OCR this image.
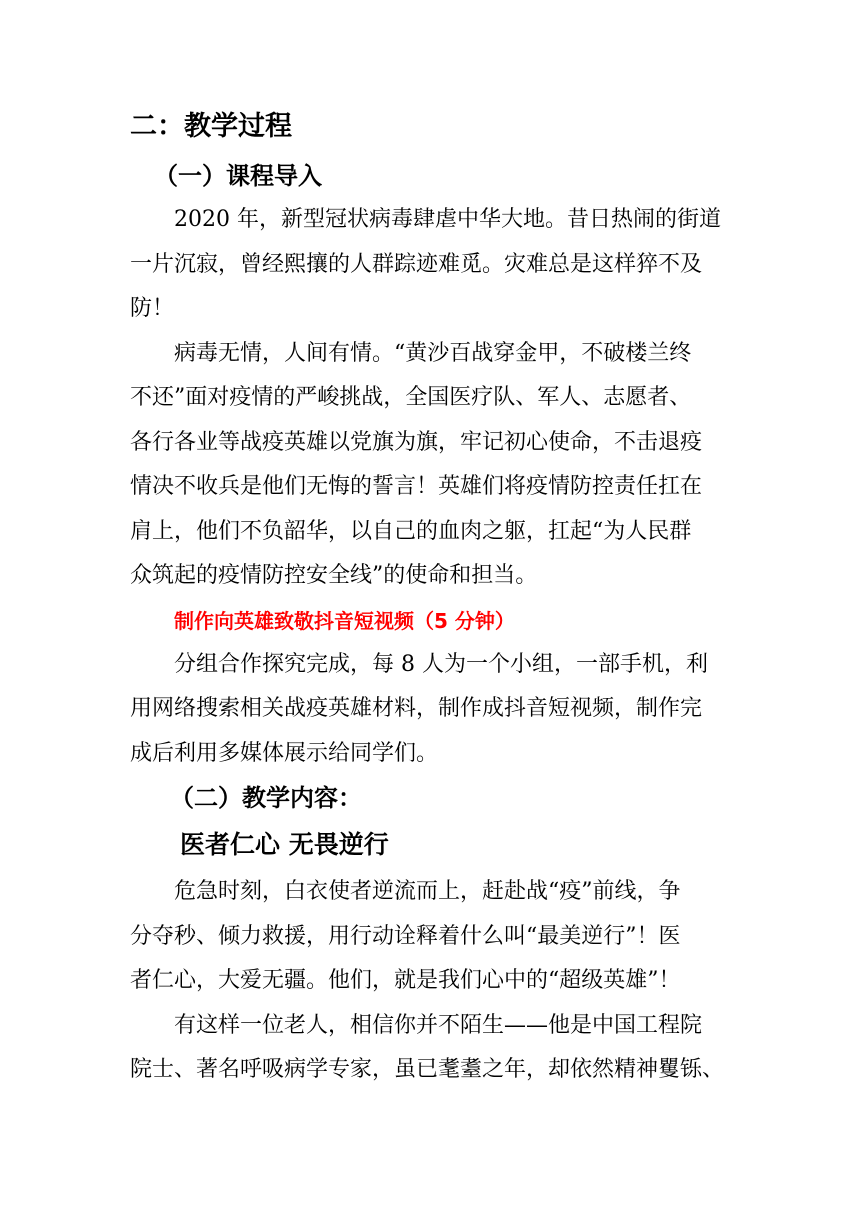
二：教学过程
（一）课程导入
2020 年，新型冠状病毒肆虐中华大地。昔日热闹的街道
一片沉寂，曾经熙攘的人群踪迹难觅。灾难总是这样猝不及
防！
病毒无情，人间有情。“黄沙百战穿金甲，不破楼兰终
不还”面对疫情的严峻挑战，全国医疗队、军人、志愿者、
各行各业等战疫英雄以党旗为旗，牢记初心使命，不击退疫
情决不收兵是他们无悔的誓言！英雄们将疫情防控责任扛在
肩上，他们不负韶华，以自己的血肉之躯，扛起“为人民群
众筑起的疫情防控安全线”的使命和担当。
制作向英雄致敬抖音短视频（5 分钟）
分组合作探究完成，每 8 人为一个小组，一部手机，利
用网络搜索相关战疫英雄材料，制作成抖音短视频，制作完
成后利用多媒体展示给同学们。
（二）教学内容：
医者仁心 无畏逆行
危急时刻，白衣使者逆流而上，赶赴战“疫”前线，争
分夺秒、倾力救援，用行动诠释着什么叫“最美逆行”！医
者仁心，大爱无疆。他们，就是我们心中的“超级英雄”！
有这样一位老人，相信你并不陌生——他是中国工程院
院士、著名呼吸病学专家，虽已耄耋之年，却依然精神矍铄、
